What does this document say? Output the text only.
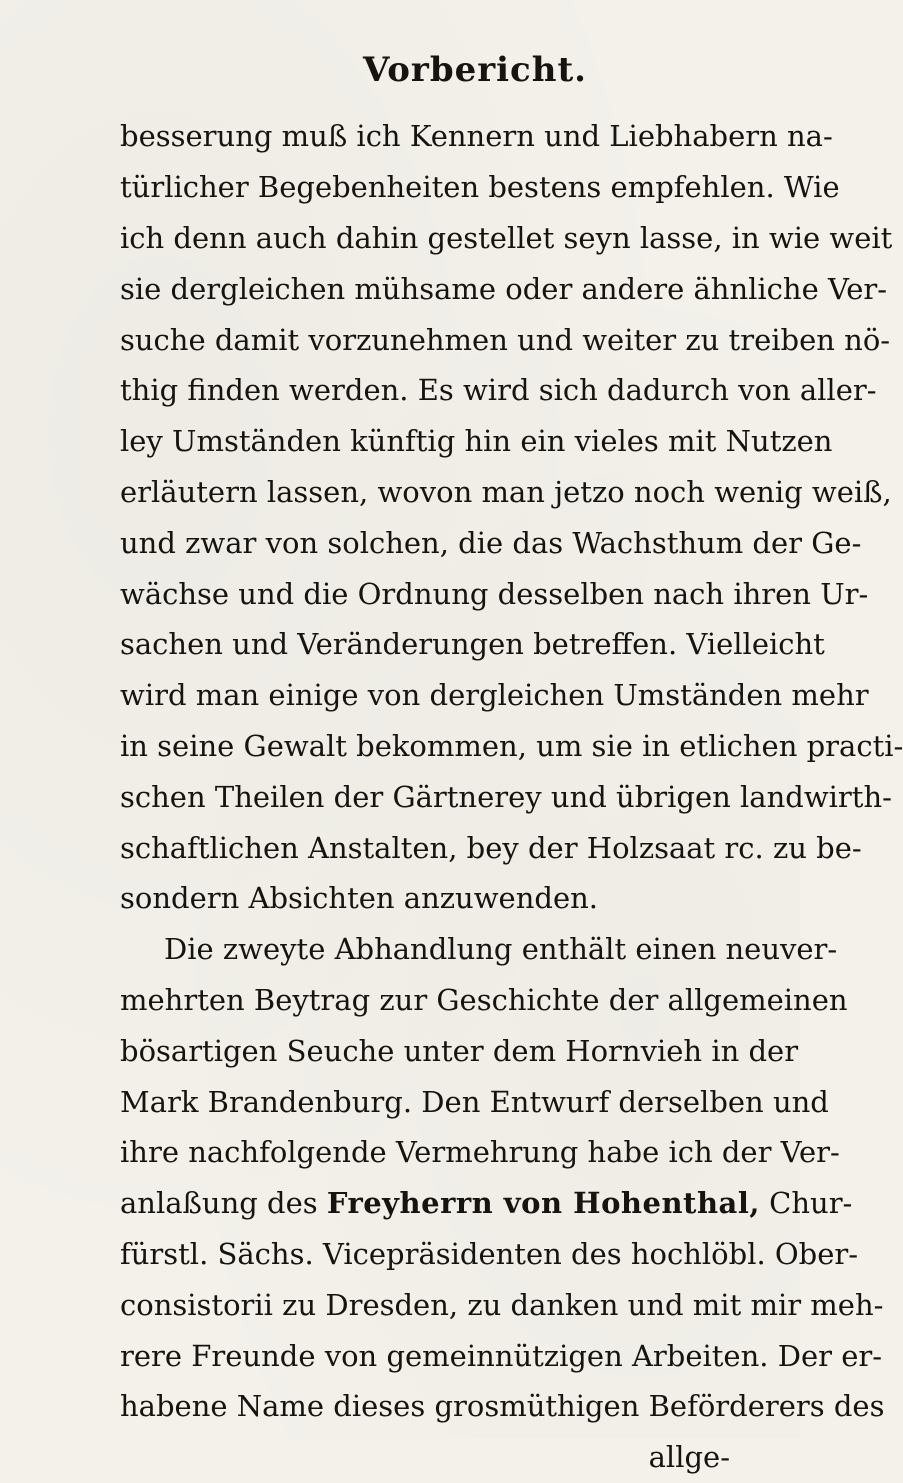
Vorbericht.
besserung muß ich Kennern und Liebhabern na-
türlicher Begebenheiten bestens empfehlen. Wie
ich denn auch dahin gestellet seyn lasse, in wie weit
sie dergleichen mühsame oder andere ähnliche Ver-
suche damit vorzunehmen und weiter zu treiben nö-
thig finden werden. Es wird sich dadurch von aller-
ley Umständen künftig hin ein vieles mit Nutzen
erläutern lassen, wovon man jetzo noch wenig weiß,
und zwar von solchen, die das Wachsthum der Ge-
wächse und die Ordnung desselben nach ihren Ur-
sachen und Veränderungen betreffen. Vielleicht
wird man einige von dergleichen Umständen mehr
in seine Gewalt bekommen, um sie in etlichen practi-
schen Theilen der Gärtnerey und übrigen landwirth-
schaftlichen Anstalten, bey der Holzsaat rc. zu be-
sondern Absichten anzuwenden.
Die zweyte Abhandlung enthält einen neuver-
mehrten Beytrag zur Geschichte der allgemeinen
bösartigen Seuche unter dem Hornvieh in der
Mark Brandenburg. Den Entwurf derselben und
ihre nachfolgende Vermehrung habe ich der Ver-
anlaßung des Freyherrn von Hohenthal, Chur-
fürstl. Sächs. Vicepräsidenten des hochlöbl. Ober-
consistorii zu Dresden, zu danken und mit mir meh-
rere Freunde von gemeinnützigen Arbeiten. Der er-
habene Name dieses grosmüthigen Beförderers des
allge-
